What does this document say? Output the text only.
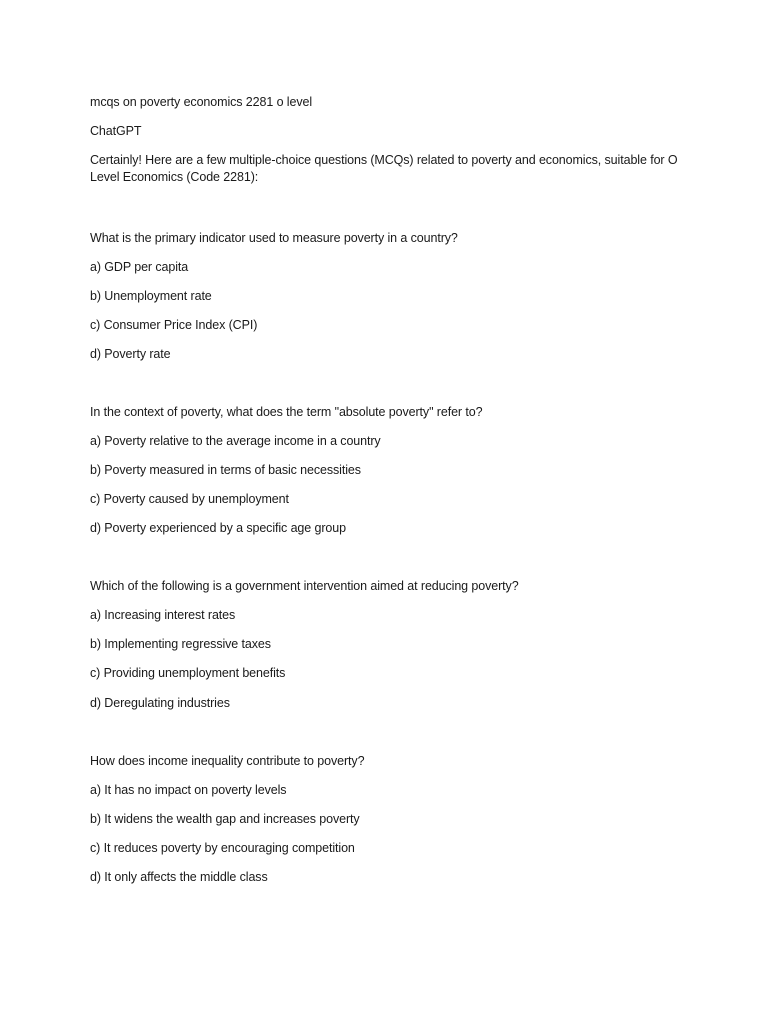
mcqs on poverty economics 2281 o level
ChatGPT
Certainly! Here are a few multiple-choice questions (MCQs) related to poverty and economics, suitable for O Level Economics (Code 2281):
What is the primary indicator used to measure poverty in a country?
a) GDP per capita
b) Unemployment rate
c) Consumer Price Index (CPI)
d) Poverty rate
In the context of poverty, what does the term "absolute poverty" refer to?
a) Poverty relative to the average income in a country
b) Poverty measured in terms of basic necessities
c) Poverty caused by unemployment
d) Poverty experienced by a specific age group
Which of the following is a government intervention aimed at reducing poverty?
a) Increasing interest rates
b) Implementing regressive taxes
c) Providing unemployment benefits
d) Deregulating industries
How does income inequality contribute to poverty?
a) It has no impact on poverty levels
b) It widens the wealth gap and increases poverty
c) It reduces poverty by encouraging competition
d) It only affects the middle class
